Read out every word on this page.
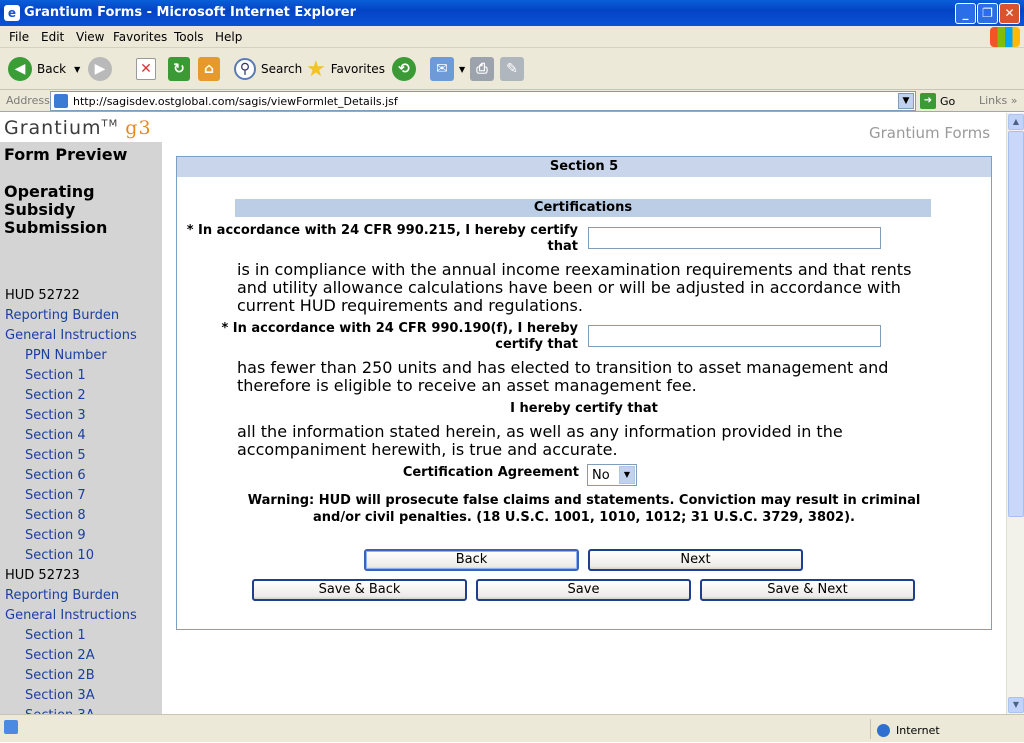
e Grantium Forms - Microsoft Internet Explorer	_	❐ ✕
File Edit View Favorites Tools Help
◀ Back ▼	▶	✕	↻	⌂	⚲ Search ★ Favorites ⟲	✉	▼ ⎙	✎
Address	http://sagisdev.ostglobal.com/sagis/viewFormlet_Details.jsf	▼	➜ Go Links »
Grantium™ g3	Grantium Forms
Form Preview
Operating Subsidy Submission
HUD 52722
Reporting Burden
General Instructions
PPN Number
Section 1
Section 2
Section 3
Section 4
Section 5
Section 6
Section 7
Section 8
Section 9
Section 10
HUD 52723
Reporting Burden
General Instructions
Section 1
Section 2A
Section 2B
Section 3A
Section 5
Certifications
* In accordance with 24 CFR 990.215, I hereby certify that
is in compliance with the annual income reexamination requirements and that rents and utility allowance calculations have been or will be adjusted in accordance with current HUD requirements and regulations.
* In accordance with 24 CFR 990.190(f), I hereby certify that
has fewer than 250 units and has elected to transition to asset management and therefore is eligible to receive an asset management fee.
I hereby certify that
all the information stated herein, as well as any information provided in the accompaniment herewith, is true and accurate.
Certification Agreement	No	▼
Warning: HUD will prosecute false claims and statements. Conviction may result in criminal and/or civil penalties. (18 U.S.C. 1001, 1010, 1012; 31 U.S.C. 3729, 3802).
Back	Next
Save & Back	Save	Save & Next
▲
▼
Internet
